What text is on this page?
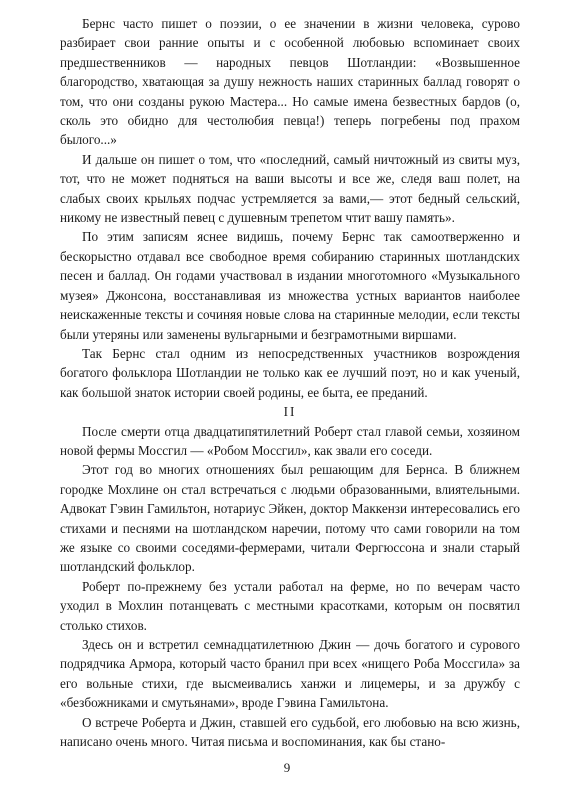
Бернс часто пишет о поэзии, о ее значении в жизни человека, сурово разбирает свои ранние опыты и с особенной любовью вспоминает своих предшественников — народных певцов Шотландии: «Возвышенное благородство, хватающая за душу нежность наших старинных баллад говорят о том, что они созданы рукою Мастера... Но самые имена безвестных бардов (о, сколь это обидно для честолюбия певца!) теперь погребены под прахом былого...»

И дальше он пишет о том, что «последний, самый ничтожный из свиты муз, тот, что не может подняться на ваши высоты и все же, следя ваш полет, на слабых своих крыльях подчас устремляется за вами,— этот бедный сельский, никому не известный певец с душевным трепетом чтит вашу память».

По этим записям яснее видишь, почему Бернс так самоотверженно и бескорыстно отдавал все свободное время собиранию старинных шотландских песен и баллад. Он годами участвовал в издании многотомного «Музыкального музея» Джонсона, восстанавливая из множества устных вариантов наиболее неискаженные тексты и сочиняя новые слова на старинные мелодии, если тексты были утеряны или заменены вульгарными и безграмотными виршами.

Так Бернс стал одним из непосредственных участников возрождения богатого фольклора Шотландии не только как ее лучший поэт, но и как ученый, как большой знаток истории своей родины, ее быта, ее преданий.

II

После смерти отца двадцатипятилетний Роберт стал главой семьи, хозяином новой фермы Моссгил — «Робом Моссгил», как звали его соседи.

Этот год во многих отношениях был решающим для Бернса. В ближнем городке Мохлине он стал встречаться с людьми образованными, влиятельными. Адвокат Гэвин Гамильтон, нотариус Эйкен, доктор Маккензи интересовались его стихами и песнями на шотландском наречии, потому что сами говорили на том же языке со своими соседями-фермерами, читали Фергюссона и знали старый шотландский фольклор.

Роберт по-прежнему без устали работал на ферме, но по вечерам часто уходил в Мохлин потанцевать с местными красотками, которым он посвятил столько стихов.

Здесь он и встретил семнадцатилетнюю Джин — дочь богатого и сурового подрядчика Армора, который часто бранил при всех «нищего Роба Моссгила» за его вольные стихи, где высмеивались ханжи и лицемеры, и за дружбу с «безбожниками и смутьянами», вроде Гэвина Гамильтона.

О встрече Роберта и Джин, ставшей его судьбой, его любовью на всю жизнь, написано очень много. Читая письма и воспоминания, как бы стано-

9
